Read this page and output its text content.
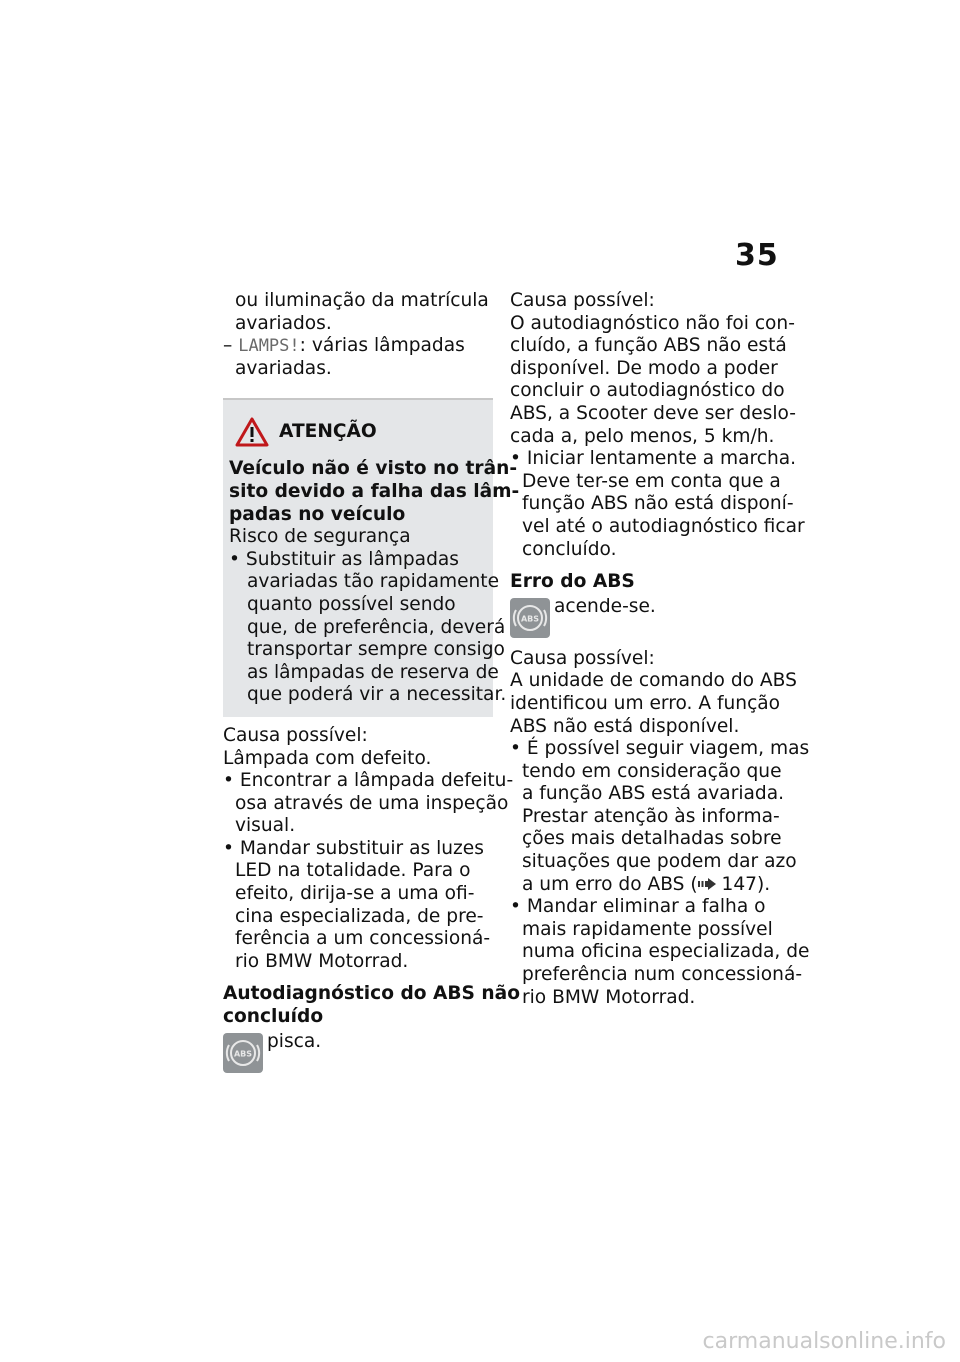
35
ou iluminação da matrícula
avariados.
– LAMPS!: várias lâmpadas
avariadas.
ATENÇÃO
Veículo não é visto no trân-
sito devido a falha das lâm-
padas no veículo
Risco de segurança
• Substituir as lâmpadas
avariadas tão rapidamente
quanto possível sendo
que, de preferência, deverá
transportar sempre consigo
as lâmpadas de reserva de
que poderá vir a necessitar.
Causa possível:
Lâmpada com defeito.
• Encontrar a lâmpada defeitu-
osa através de uma inspeção
visual.
• Mandar substituir as luzes
LED na totalidade. Para o
efeito, dirija-se a uma ofi-
cina especializada, de pre-
ferência a um concessioná-
rio BMW Motorrad.
Autodiagnóstico do ABS não
concluído
ABS
pisca.
Causa possível:
O autodiagnóstico não foi con-
cluído, a função ABS não está
disponível. De modo a poder
concluir o autodiagnóstico do
ABS, a Scooter deve ser deslo-
cada a, pelo menos, 5 km/h.
• Iniciar lentamente a marcha.
Deve ter-se em conta que a
função ABS não está disponí-
vel até o autodiagnóstico ficar
concluído.
Erro do ABS
ABS
acende-se.
Causa possível:
A unidade de comando do ABS
identificou um erro. A função
ABS não está disponível.
• É possível seguir viagem, mas
tendo em consideração que
a função ABS está avariada.
Prestar atenção às informa-
ções mais detalhadas sobre
situações que podem dar azo
a um erro do ABS ( 147).
• Mandar eliminar a falha o
mais rapidamente possível
numa oficina especializada, de
preferência num concessioná-
rio BMW Motorrad.
carmanualsonline.info
